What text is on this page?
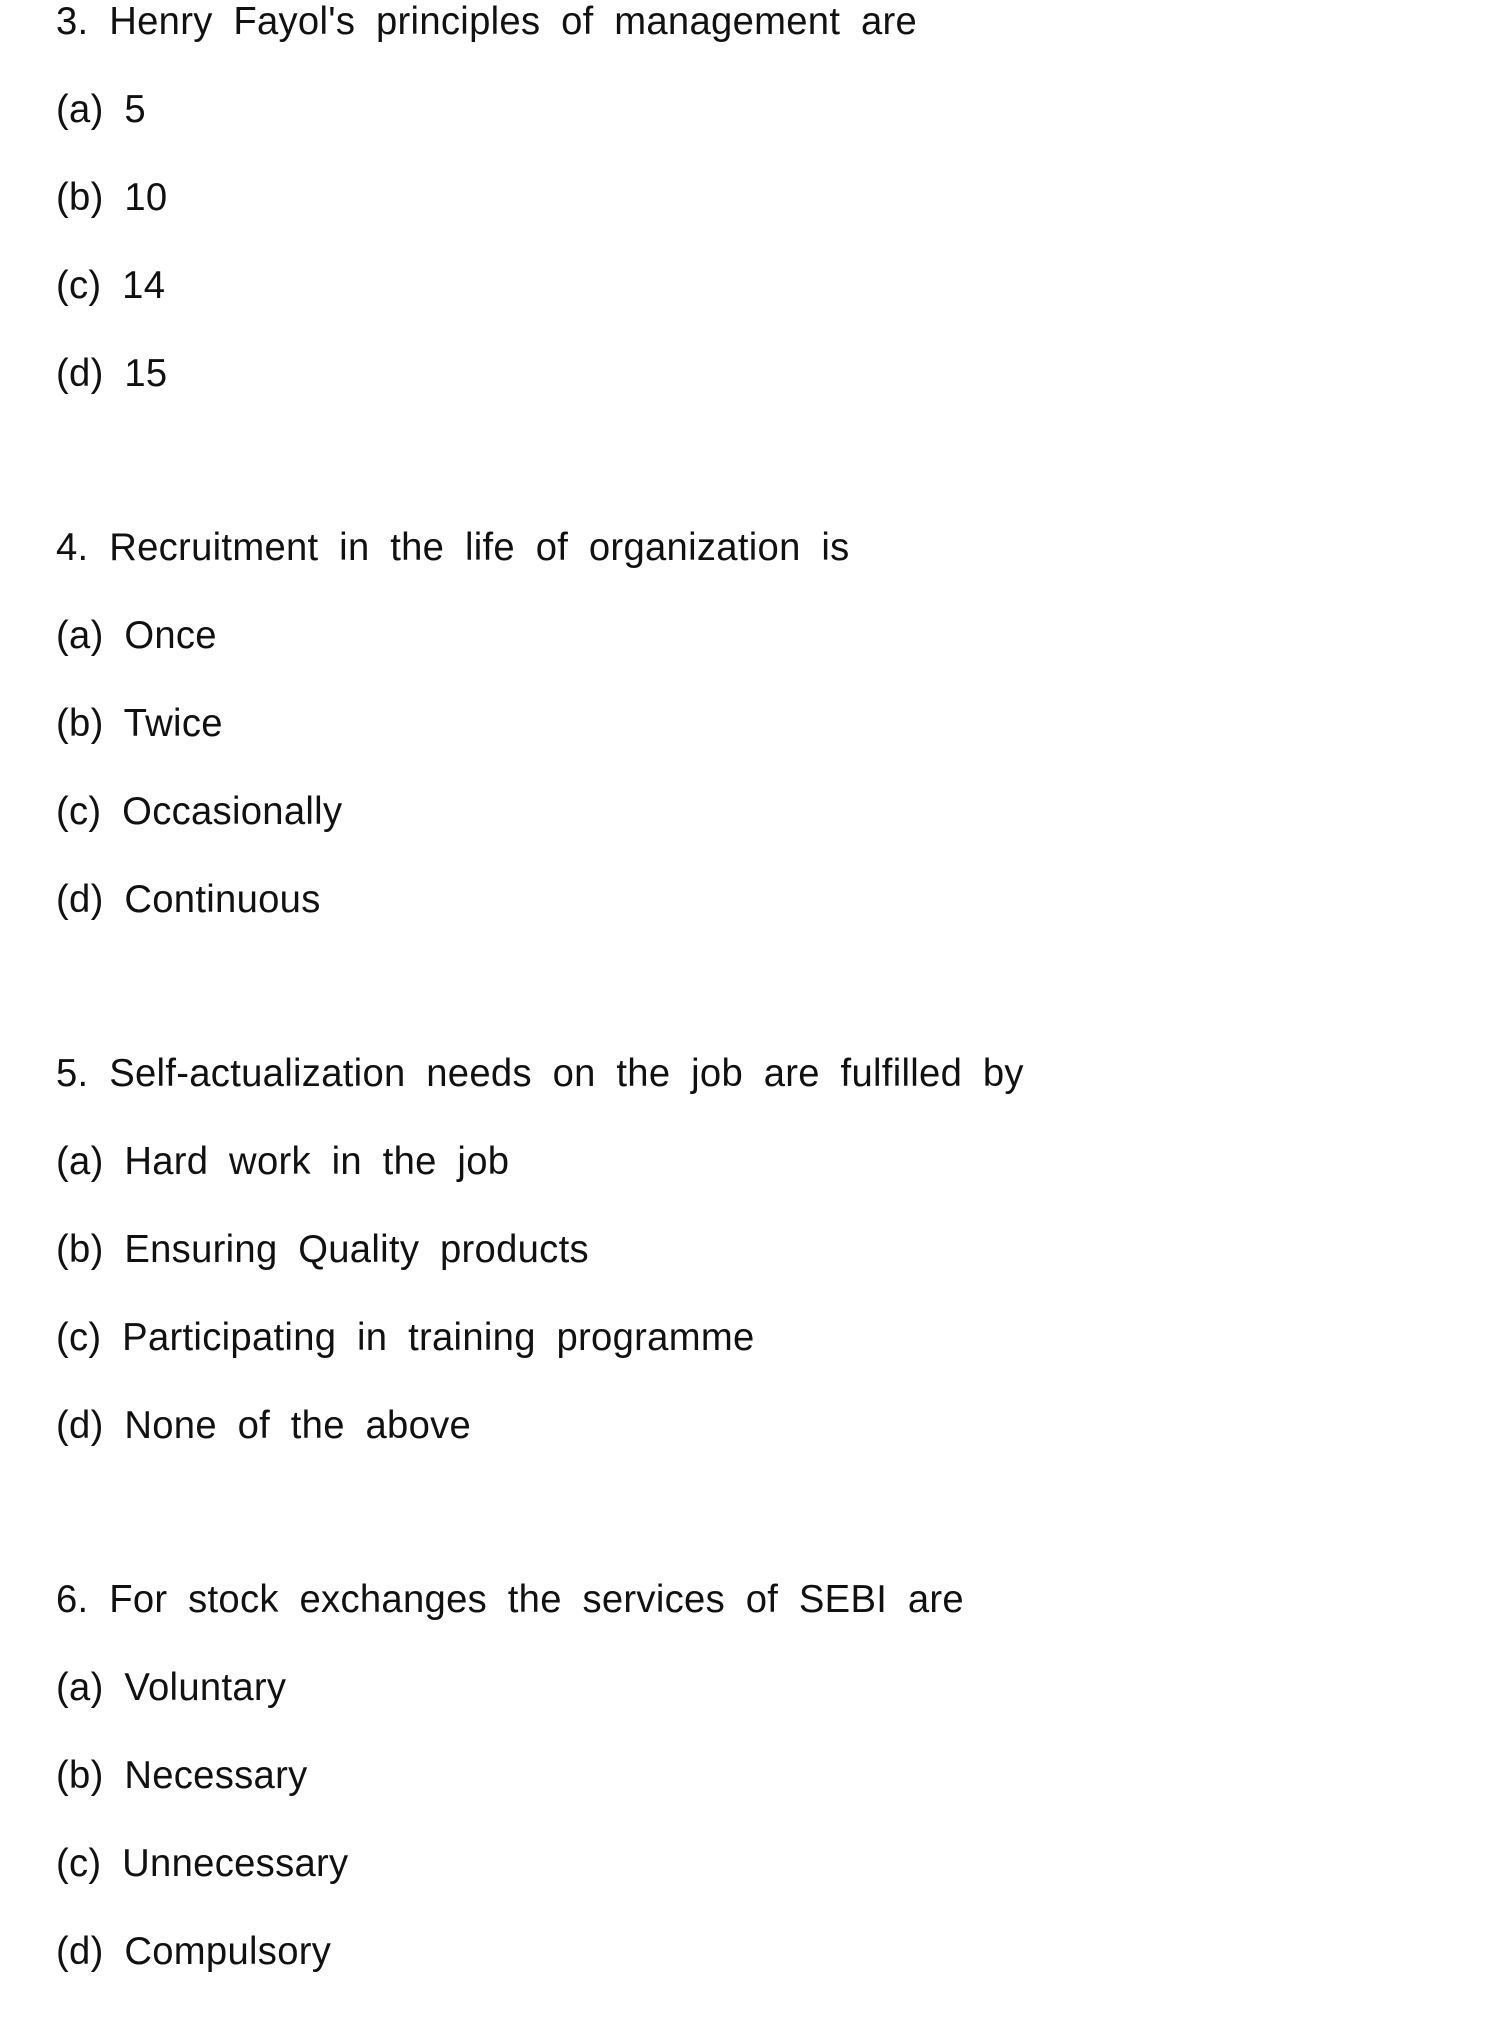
3. Henry Fayol's principles of management are
(a) 5
(b) 10
(c) 14
(d) 15
4. Recruitment in the life of organization is
(a) Once
(b) Twice
(c) Occasionally
(d) Continuous
5. Self-actualization needs on the job are fulfilled by
(a) Hard work in the job
(b) Ensuring Quality products
(c) Participating in training programme
(d) None of the above
6. For stock exchanges the services of SEBI are
(a) Voluntary
(b) Necessary
(c) Unnecessary
(d) Compulsory
